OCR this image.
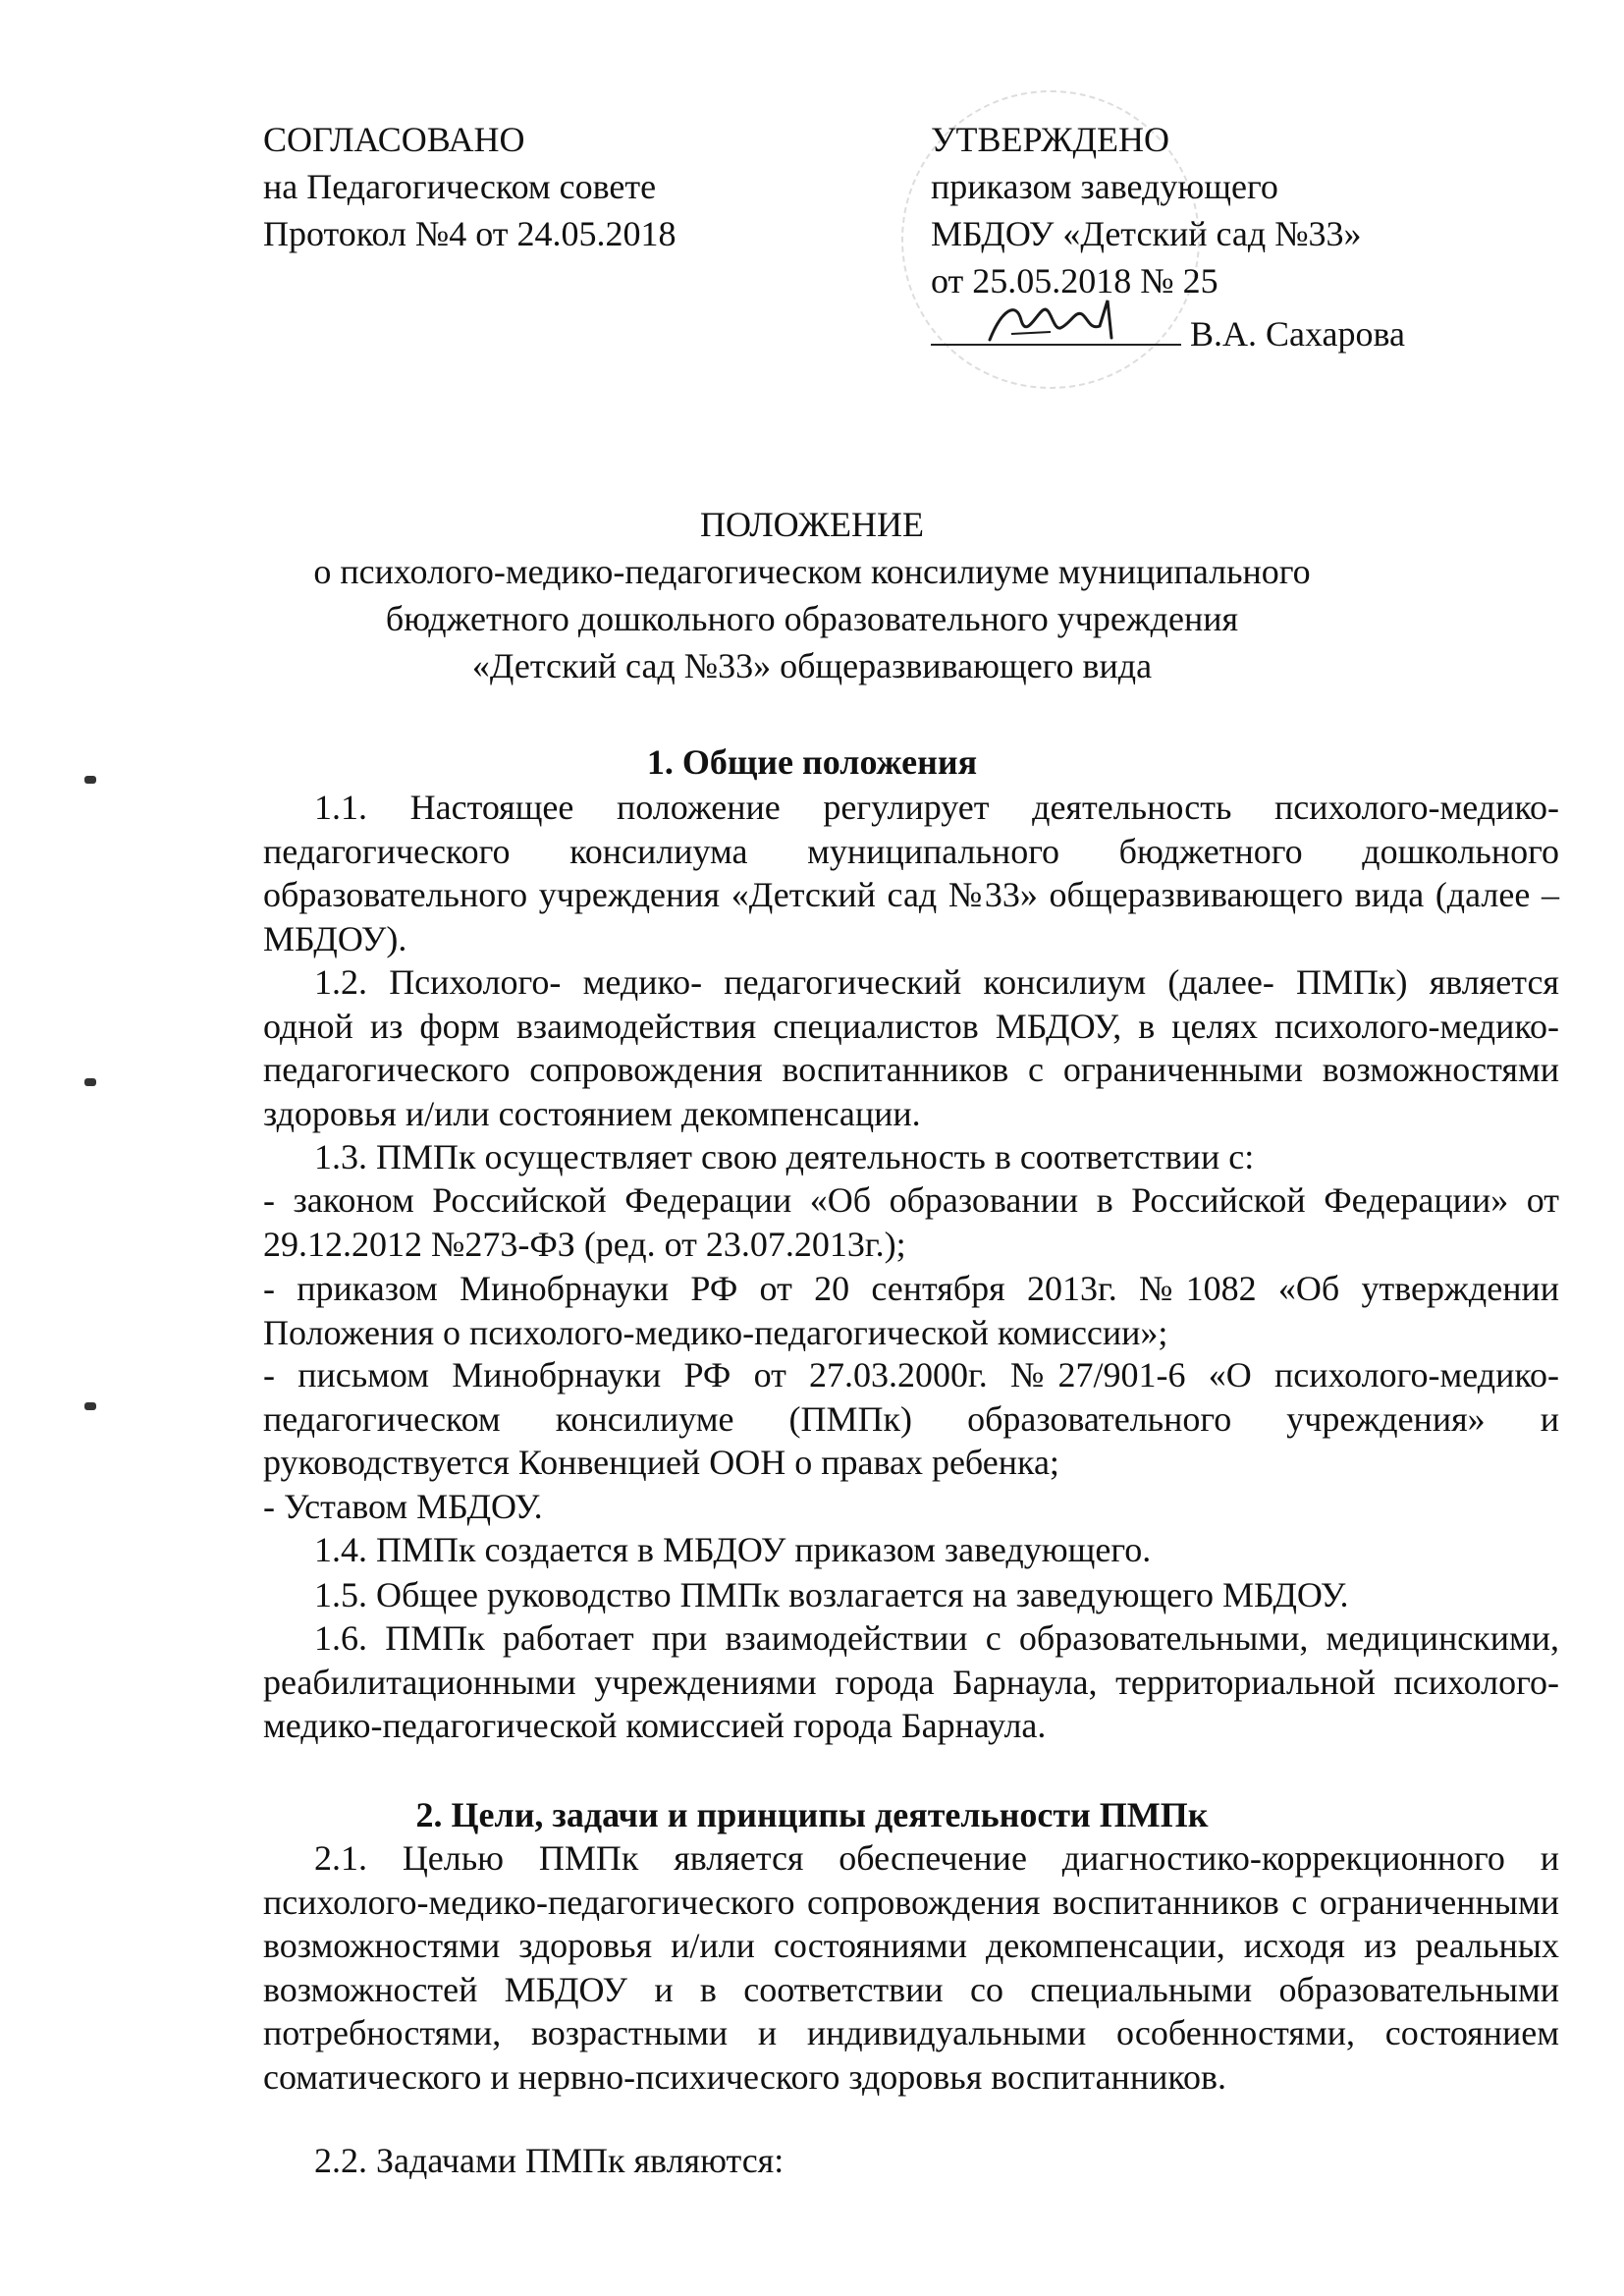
СОГЛАСОВАНО
на Педагогическом совете
Протокол №4 от 24.05.2018
УТВЕРЖДЕНО
приказом заведующего
МБДОУ «Детский сад №33»
от 25.05.2018 № 25
В.А. Сахарова
ПОЛОЖЕНИЕ
о психолого-медико-педагогическом консилиуме муниципального
бюджетного дошкольного образовательного учреждения
«Детский сад №33» общеразвивающего вида
1. Общие положения
1.1. Настоящее положение регулирует деятельность психолого-медико-педагогического консилиума муниципального бюджетного дошкольного образовательного учреждения «Детский сад №33» общеразвивающего вида (далее – МБДОУ).
1.2. Психолого- медико- педагогический консилиум (далее- ПМПк) является одной из форм взаимодействия специалистов МБДОУ, в целях психолого-медико-педагогического сопровождения воспитанников с ограниченными возможностями здоровья и/или состоянием декомпенсации.
1.3. ПМПк осуществляет свою деятельность в соответствии с:
- законом Российской Федерации «Об образовании в Российской Федерации» от 29.12.2012 №273-ФЗ (ред. от 23.07.2013г.);
- приказом Минобрнауки РФ от 20 сентября 2013г. №1082 «Об утверждении Положения о психолого-медико-педагогической комиссии»;
- письмом Минобрнауки РФ от 27.03.2000г. №27/901-6 «О психолого-медико-педагогическом консилиуме (ПМПк) образовательного учреждения» и руководствуется Конвенцией ООН о правах ребенка;
- Уставом МБДОУ.
1.4. ПМПк создается в МБДОУ приказом заведующего.
1.5. Общее руководство ПМПк возлагается на заведующего МБДОУ.
1.6. ПМПк работает при взаимодействии с образовательными, медицинскими, реабилитационными учреждениями города Барнаула, территориальной психолого-медико-педагогической комиссией города Барнаула.
2. Цели, задачи и принципы деятельности ПМПк
2.1. Целью ПМПк является обеспечение диагностико-коррекционного и психолого-медико-педагогического сопровождения воспитанников с ограниченными возможностями здоровья и/или состояниями декомпенсации, исходя из реальных возможностей МБДОУ и в соответствии со специальными образовательными потребностями, возрастными и индивидуальными особенностями, состоянием соматического и нервно-психического здоровья воспитанников.
2.2. Задачами ПМПк являются:
